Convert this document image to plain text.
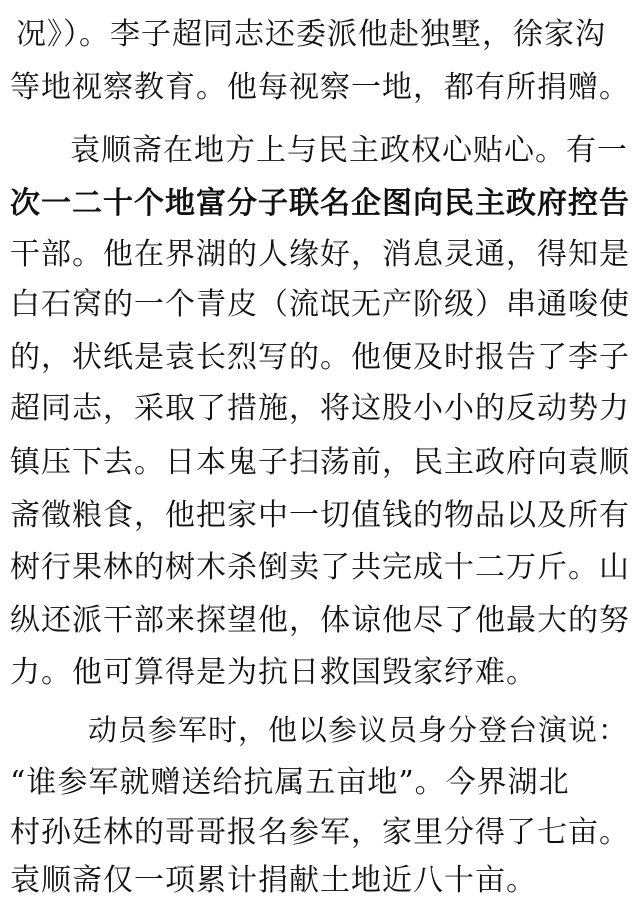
况》）。李子超同志还委派他赴独墅，徐家沟
等地视察教育。他每视察一地，都有所捐赠。
袁顺斋在地方上与民主政权心贴心。有一
次一二十个地富分子联名企图向民主政府控告
干部。他在界湖的人缘好，消息灵通，得知是
白石窝的一个青皮（流氓无产阶级）串通唆使
的，状纸是袁长烈写的。他便及时报告了李子
超同志，采取了措施，将这股小小的反动势力
镇压下去。日本鬼子扫荡前，民主政府向袁顺
斋徵粮食，他把家中一切值钱的物品以及所有
树行果林的树木杀倒卖了共完成十二万斤。山
纵还派干部来探望他，体谅他尽了他最大的努
力。他可算得是为抗日救国毁家纾难。
动员参军时，他以参议员身分登台演说：
“谁参军就赠送给抗属五亩地”。今界湖北
村孙廷林的哥哥报名参军，家里分得了七亩。
袁顺斋仅一项累计捐献土地近八十亩。
